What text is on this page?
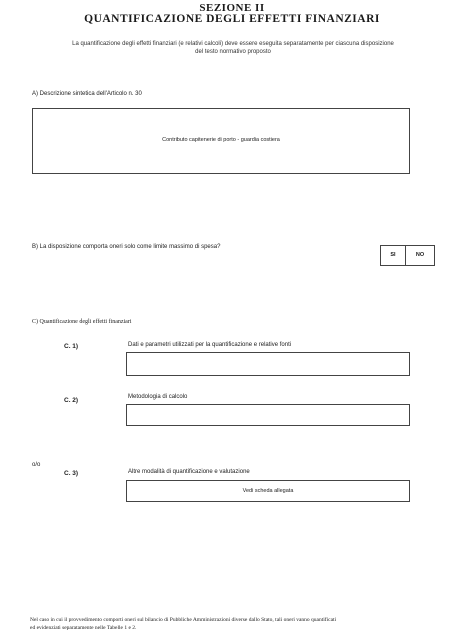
SEZIONE II
QUANTIFICAZIONE DEGLI EFFETTI FINANZIARI
La quantificazione degli effetti finanziari (e relativi calcoli) deve essere eseguita separatamente per ciascuna disposizione
del testo normativo proposto
A) Descrizione sintetica dell'Articolo n. 30
Contributo capitenerie di porto - guardia costiera
B) La disposizione comporta oneri solo come limite massimo di spesa?
SI	NO
C) Quantificazione degli effetti finanziari
C. 1)	Dati e parametri utilizzati per la quantificazione e relative fonti
C. 2)	Metodologia di calcolo
o/o
C. 3)	Altre modalità di quantificazione e valutazione
Vedi scheda allegata
Nel caso in cui il provvedimento comporti oneri sul bilancio di Pubbliche Amministrazioni diverse dallo Stato, tali oneri vanno quantificati
ed evidenziati separatamente nelle Tabelle 1 e 2.
